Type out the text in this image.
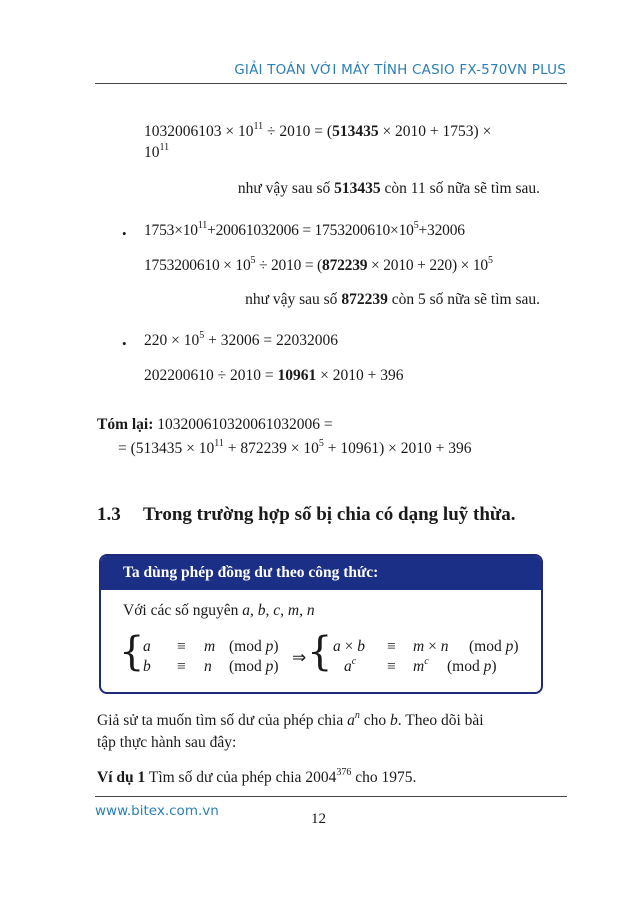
GIẢI TOÁN VỚI MÁY TÍNH CASIO FX-570VN PLUS
$1032006103 \times 10^{11} \div 2010 = (513435 \times 2010 + 1753)$ ×
$10^{11}$
như vậy sau số 513435 còn 11 số nữa sẽ tìm sau.
• $1753\times 10^{11}+20061032006 = 1753200610\times 10^5+32006$
$1753200610 \times 10^5 \div 2010 = (872239 \times 2010 + 220) \times 10^5$
như vậy sau số 872239 còn 5 số nữa sẽ tìm sau.
• $220 \times 10^5 + 32006 = 22032006$
202200610 ÷ 2010 = 10961 × 2010 + 396
Tóm lại: 103200610320061032006 =
= $(513435 \times 10^{11} + 872239 \times 10^5 + 10961) \times 2010 + 396$
1.3 Trong trường hợp số bị chia có dạng luỹ thừa.
Ta dùng phép đồng dư theo công thức:
Với các số nguyên a, b, c, m, n
{
a ≡ m (mod p)
b ≡ n (mod p) ⇒ { a × b ≡ m × n (mod p)
$a^c \equiv m^c$ (mod p)
Giả sử ta muốn tìm số dư của phép chia $a^n$ cho b. Theo dõi bài
tập thực hành sau đây:
Ví dụ 1 Tìm số dư của phép chia 2004$^{376}$ cho 1975.
www.bitex.com.vn	12
